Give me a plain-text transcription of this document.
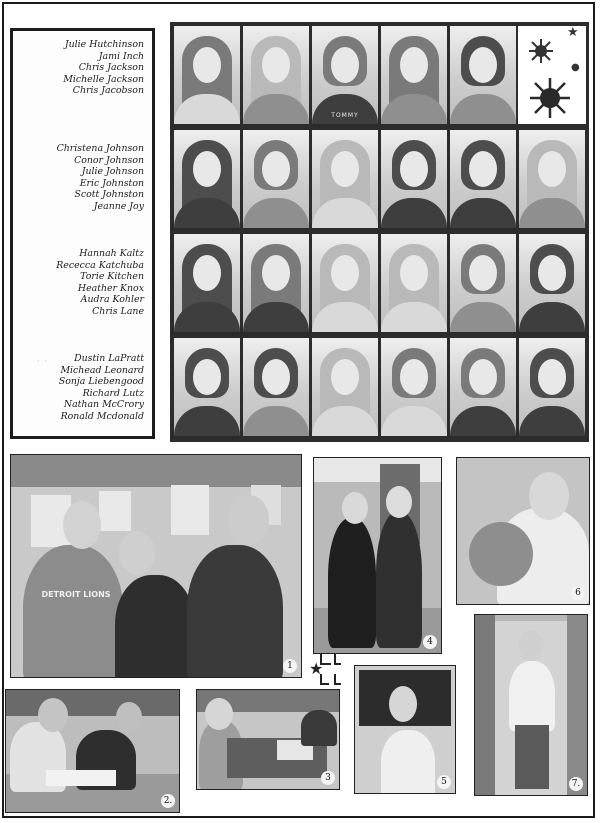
Julie Hutchinson
Jami Inch
Chris Jackson
Michelle Jackson
Chris Jacobson
Christena Johnson
Conor Johnson
Julie Johnson
Eric Johnston
Scott Johnston
Jeanne Joy
Hannah Kaltz
Rececca Katchuba
Torie Kitchen
Heather Knox
Audra Kohler
Chris Lane
· ·	Dustin LaPratt
Michead Leonard
Sonja Liebengood
Richard Lutz
Nathan McCrory
Ronald Mcdonald
TOMMY
★
●
DETROIT LIONS
1
2.
3
4
5
6
7.
★
